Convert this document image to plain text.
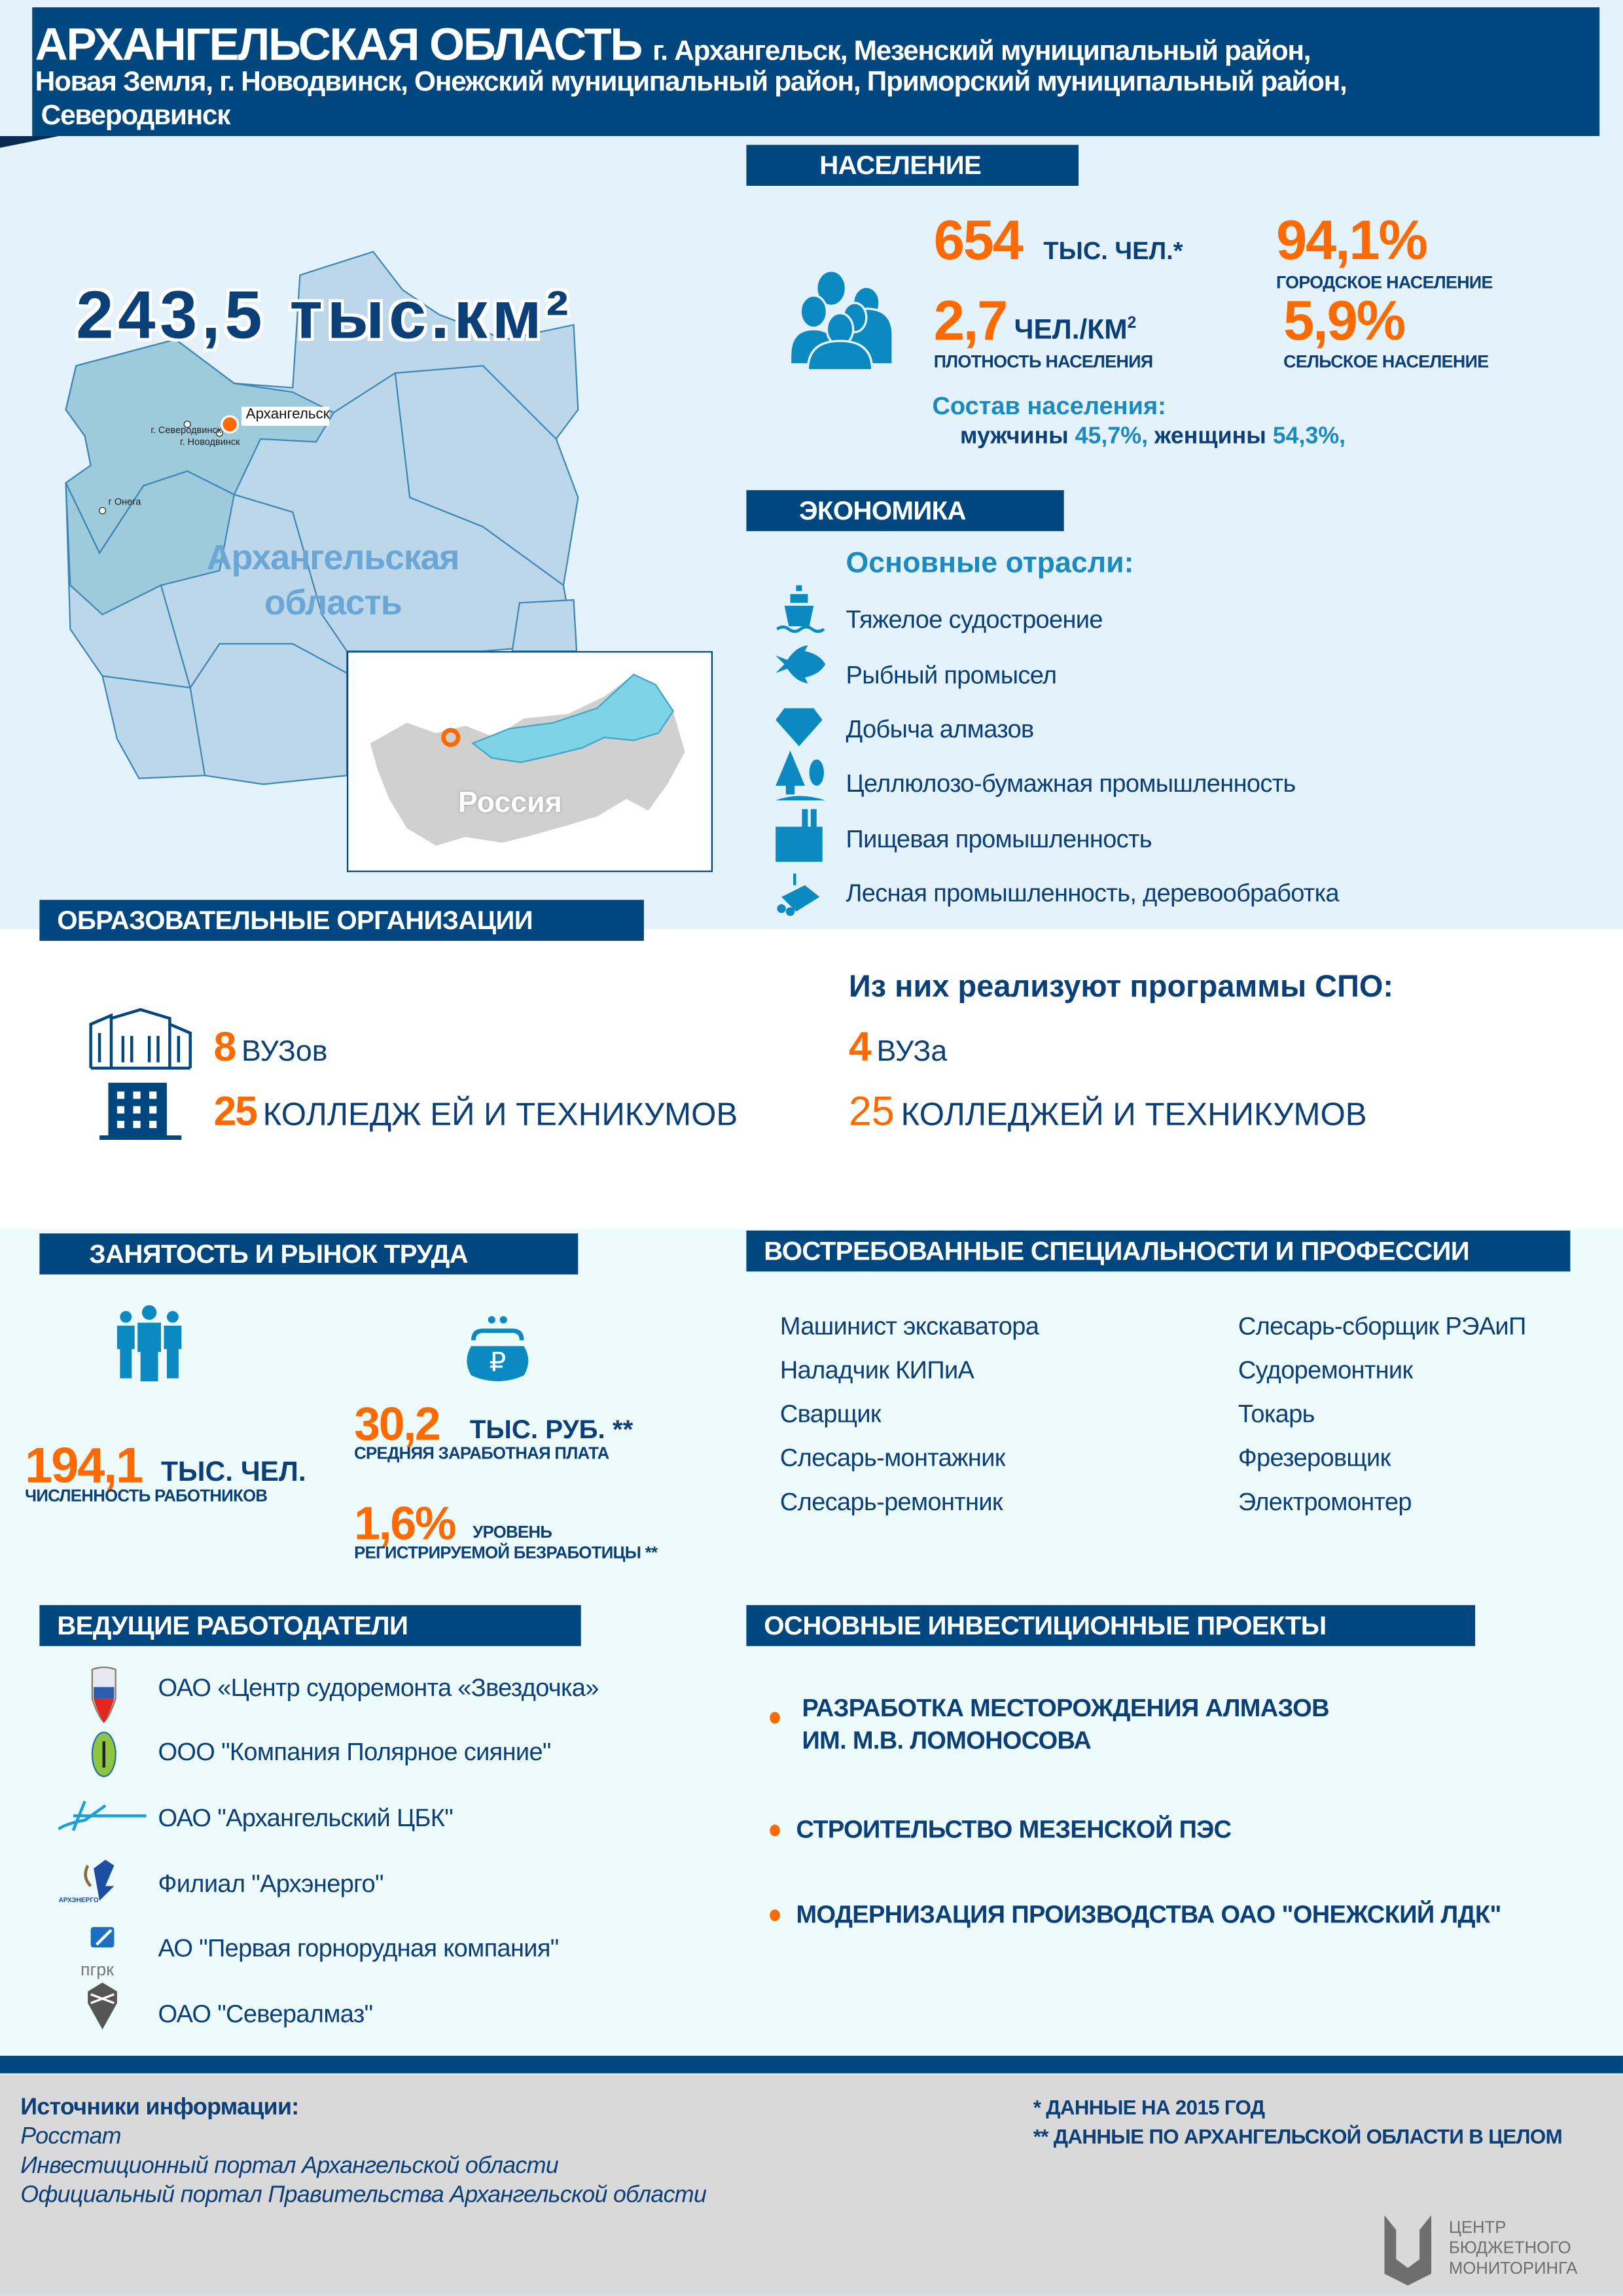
АРХАНГЕЛЬСКАЯ ОБЛАСТЬ г. Архангельск, Мезенский муниципальный район,
Новая Земля, г. Новодвинск, Онежский муниципальный район, Приморский муниципальный район,
Северодвинск
Архангельск
г. Северодвинск
г. Новодвинск
г Онега
243,5 тыс.км²
Архангельская
область
Россия
НАСЕЛЕНИЕ
654 ТЫС. ЧЕЛ.*	94,1%
ГОРОДСКОЕ НАСЕЛЕНИЕ
2,7 $ЧЕЛ./КМ^2$
ПЛОТНОСТЬ НАСЕЛЕНИЯ
5,9%
СЕЛЬСКОЕ НАСЕЛЕНИЕ
Состав населения:
мужчины 45,7%, женщины 54,3%,
ЭКОНОМИКА
Основные отрасли:
Тяжелое судостроение
Рыбный промысел
Добыча алмазов
Целлюлозо-бумажная промышленность
Пищевая промышленность
Лесная промышленность, деревообработка
ОБРАЗОВАТЕЛЬНЫЕ ОРГАНИЗАЦИИ
8 ВУЗов
25 КОЛЛЕДЖ ЕЙ И ТЕХНИКУМОВ
Из них реализуют программы СПО:
4 ВУЗа
25 КОЛЛЕДЖЕЙ И ТЕХНИКУМОВ
ЗАНЯТОСТЬ И РЫНОК ТРУДА
₽
194,1 ТЫС. ЧЕЛ.
ЧИСЛЕННОСТЬ РАБОТНИКОВ
30,2	ТЫС. РУБ. **
СРЕДНЯЯ ЗАРАБОТНАЯ ПЛАТА
1,6% УРОВЕНЬ
РЕГИСТРИРУЕМОЙ БЕЗРАБОТИЦЫ **
ВОСТРЕБОВАННЫЕ СПЕЦИАЛЬНОСТИ И ПРОФЕССИИ
Машинист экскаватора
Наладчик КИПиА
Сварщик
Слесарь-монтажник
Слесарь-ремонтник
Слесарь-сборщик РЭАиП
Судоремонтник
Токарь
Фрезеровщик
Электромонтер
ВЕДУЩИЕ РАБОТОДАТЕЛИ
АРХЭНЕРГО
пгрк
ОАО «Центр судоремонта «Звездочка»
ООО "Компания Полярное сияние"
ОАО "Архангельский ЦБК"
Филиал "Архэнерго"
АО "Первая горнорудная компания"
ОАО "Севералмаз"
ОСНОВНЫЕ ИНВЕСТИЦИОННЫЕ ПРОЕКТЫ
РАЗРАБОТКА МЕСТОРОЖДЕНИЯ АЛМАЗОВ
ИМ. М.В. ЛОМОНОСОВА
СТРОИТЕЛЬСТВО МЕЗЕНСКОЙ ПЭС
МОДЕРНИЗАЦИЯ ПРОИЗВОДСТВА ОАО "ОНЕЖСКИЙ ЛДК"
Источники информации:
Росстат
Инвестиционный портал Архангельской области
Официальный портал Правительства Архангельской области
* ДАННЫЕ НА 2015 ГОД
** ДАННЫЕ ПО АРХАНГЕЛЬСКОЙ ОБЛАСТИ В ЦЕЛОМ
ЦЕНТР
БЮДЖЕТНОГО
МОНИТОРИНГА
